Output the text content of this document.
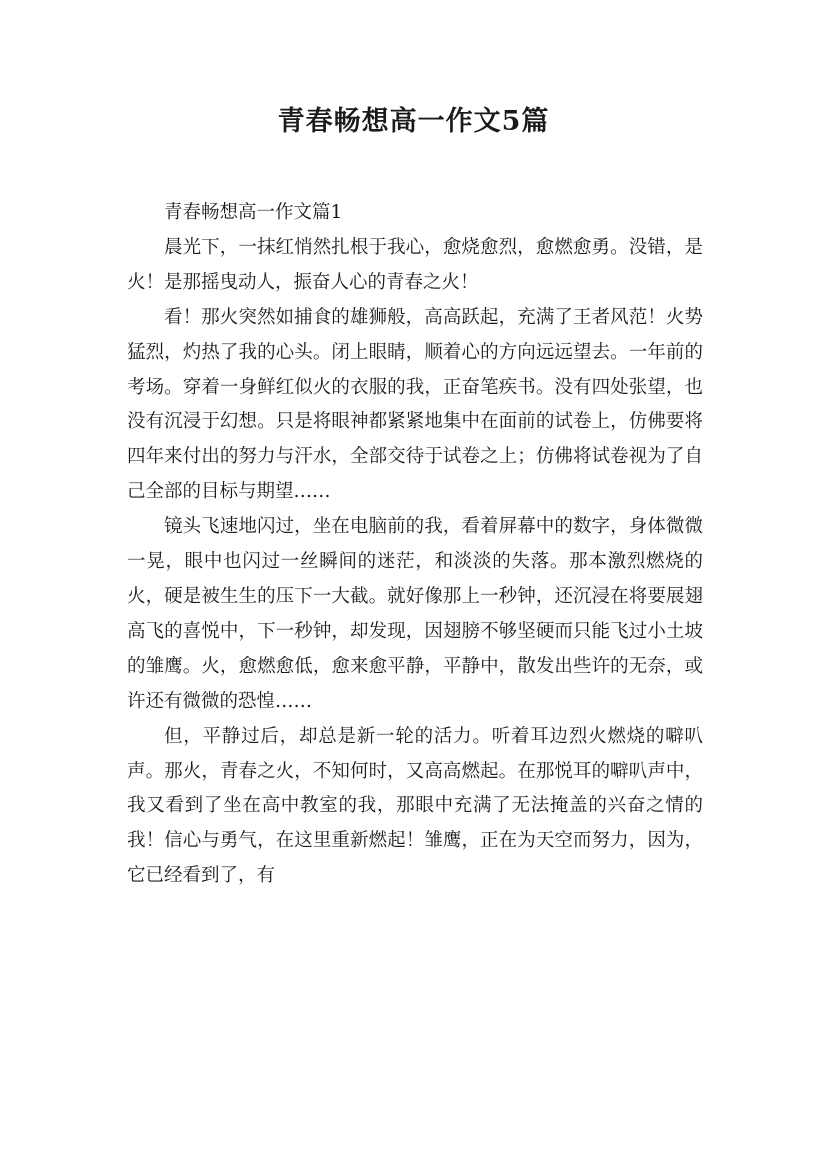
青春畅想高一作文5篇

青春畅想高一作文篇1

晨光下，一抹红悄然扎根于我心，愈烧愈烈，愈燃愈勇。没错，是火！是那摇曳动人，振奋人心的青春之火！

看！那火突然如捕食的雄狮般，高高跃起，充满了王者风范！火势猛烈，灼热了我的心头。闭上眼睛，顺着心的方向远远望去。一年前的考场。穿着一身鲜红似火的衣服的我，正奋笔疾书。没有四处张望，也没有沉浸于幻想。只是将眼神都紧紧地集中在面前的试卷上，仿佛要将四年来付出的努力与汗水，全部交待于试卷之上；仿佛将试卷视为了自己全部的目标与期望……

镜头飞速地闪过，坐在电脑前的我，看着屏幕中的数字，身体微微一晃，眼中也闪过一丝瞬间的迷茫，和淡淡的失落。那本激烈燃烧的火，硬是被生生的压下一大截。就好像那上一秒钟，还沉浸在将要展翅高飞的喜悦中，下一秒钟，却发现，因翅膀不够坚硬而只能飞过小土坡的雏鹰。火，愈燃愈低，愈来愈平静，平静中，散发出些许的无奈，或许还有微微的恐惶……

但，平静过后，却总是新一轮的活力。听着耳边烈火燃烧的噼叭声。那火，青春之火，不知何时，又高高燃起。在那悦耳的噼叭声中，我又看到了坐在高中教室的我，那眼中充满了无法掩盖的兴奋之情的我！信心与勇气，在这里重新燃起！雏鹰，正在为天空而努力，因为，它已经看到了，有
